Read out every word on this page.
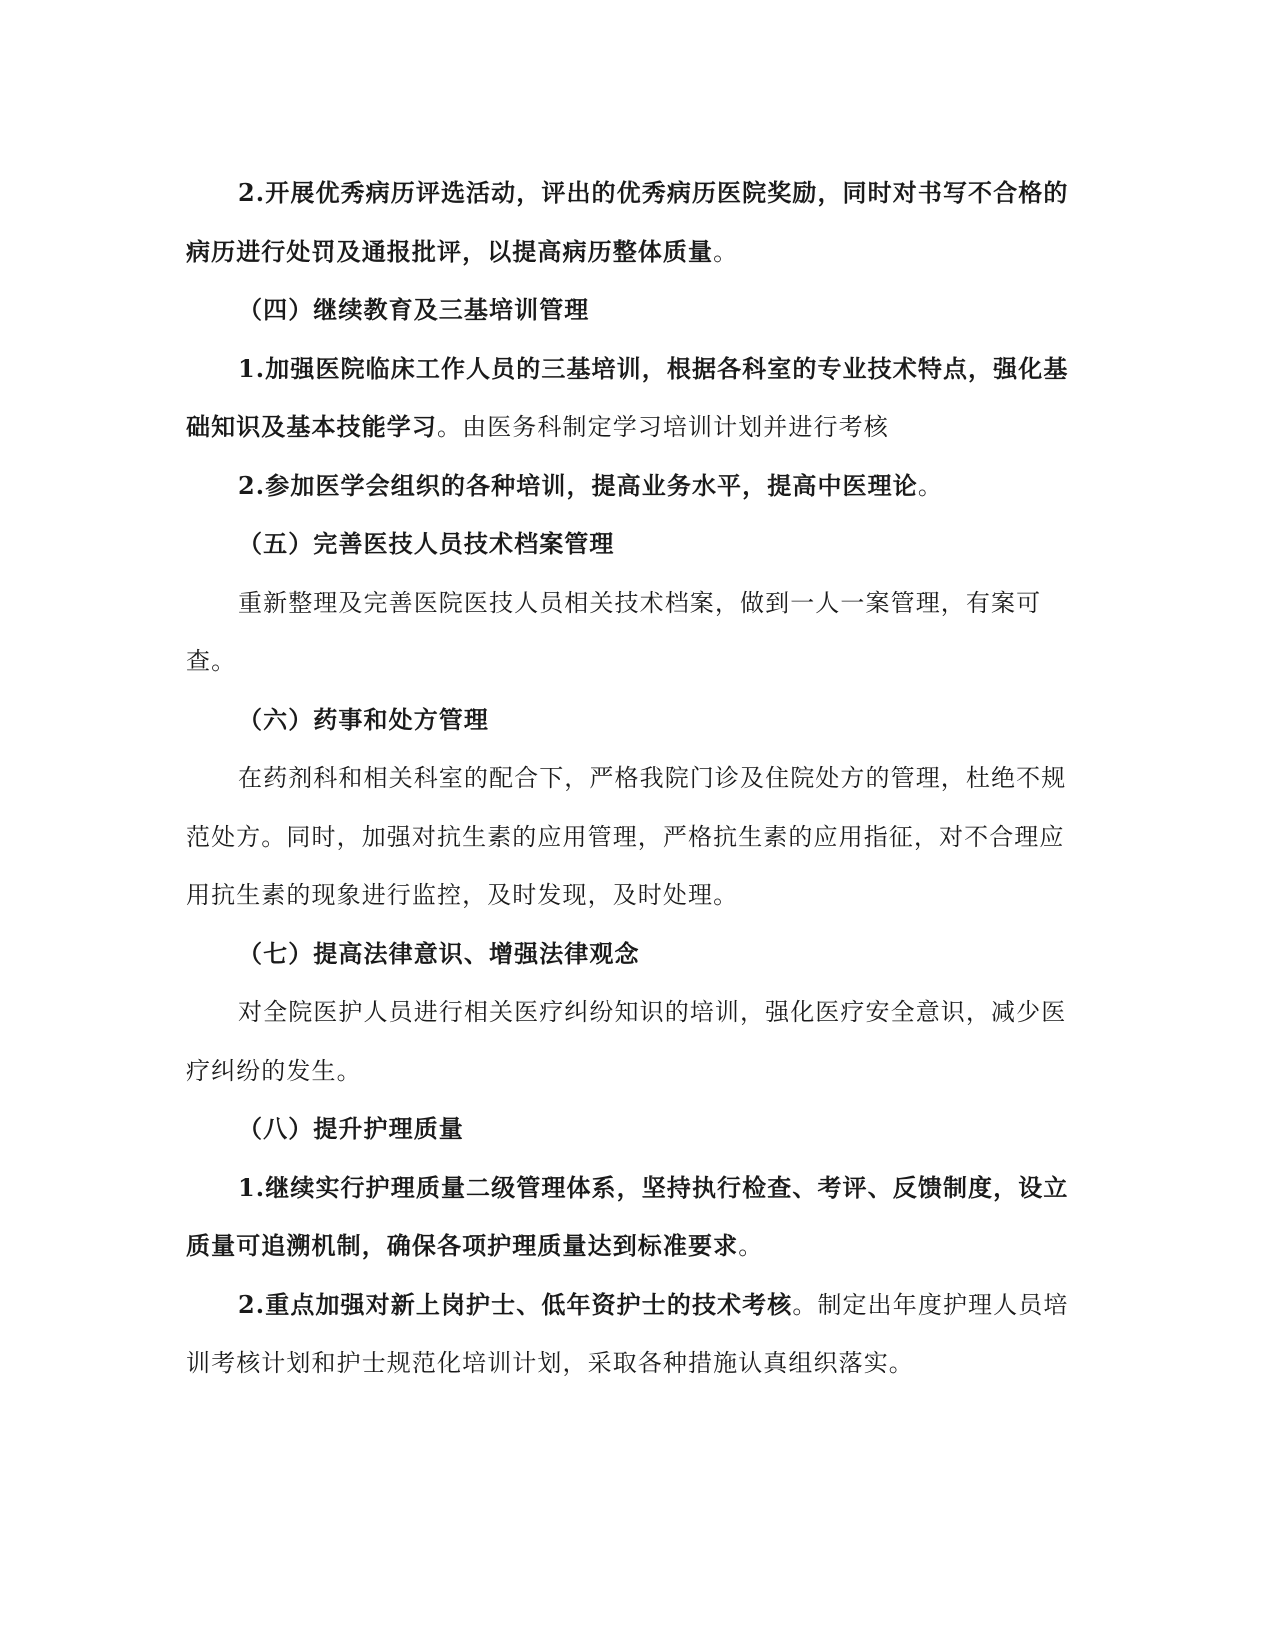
2.开展优秀病历评选活动，评出的优秀病历医院奖励，同时对书写不合格的病历进行处罚及通报批评，以提高病历整体质量。

（四）继续教育及三基培训管理

1.加强医院临床工作人员的三基培训，根据各科室的专业技术特点，强化基础知识及基本技能学习。由医务科制定学习培训计划并进行考核

2.参加医学会组织的各种培训，提高业务水平，提高中医理论。

（五）完善医技人员技术档案管理

重新整理及完善医院医技人员相关技术档案，做到一人一案管理，有案可查。

（六）药事和处方管理

在药剂科和相关科室的配合下，严格我院门诊及住院处方的管理，杜绝不规范处方。同时，加强对抗生素的应用管理，严格抗生素的应用指征，对不合理应用抗生素的现象进行监控，及时发现，及时处理。

（七）提高法律意识、增强法律观念

对全院医护人员进行相关医疗纠纷知识的培训，强化医疗安全意识，减少医疗纠纷的发生。

（八）提升护理质量

1.继续实行护理质量二级管理体系，坚持执行检查、考评、反馈制度，设立质量可追溯机制，确保各项护理质量达到标准要求。

2.重点加强对新上岗护士、低年资护士的技术考核。制定出年度护理人员培训考核计划和护士规范化培训计划，采取各种措施认真组织落实。
